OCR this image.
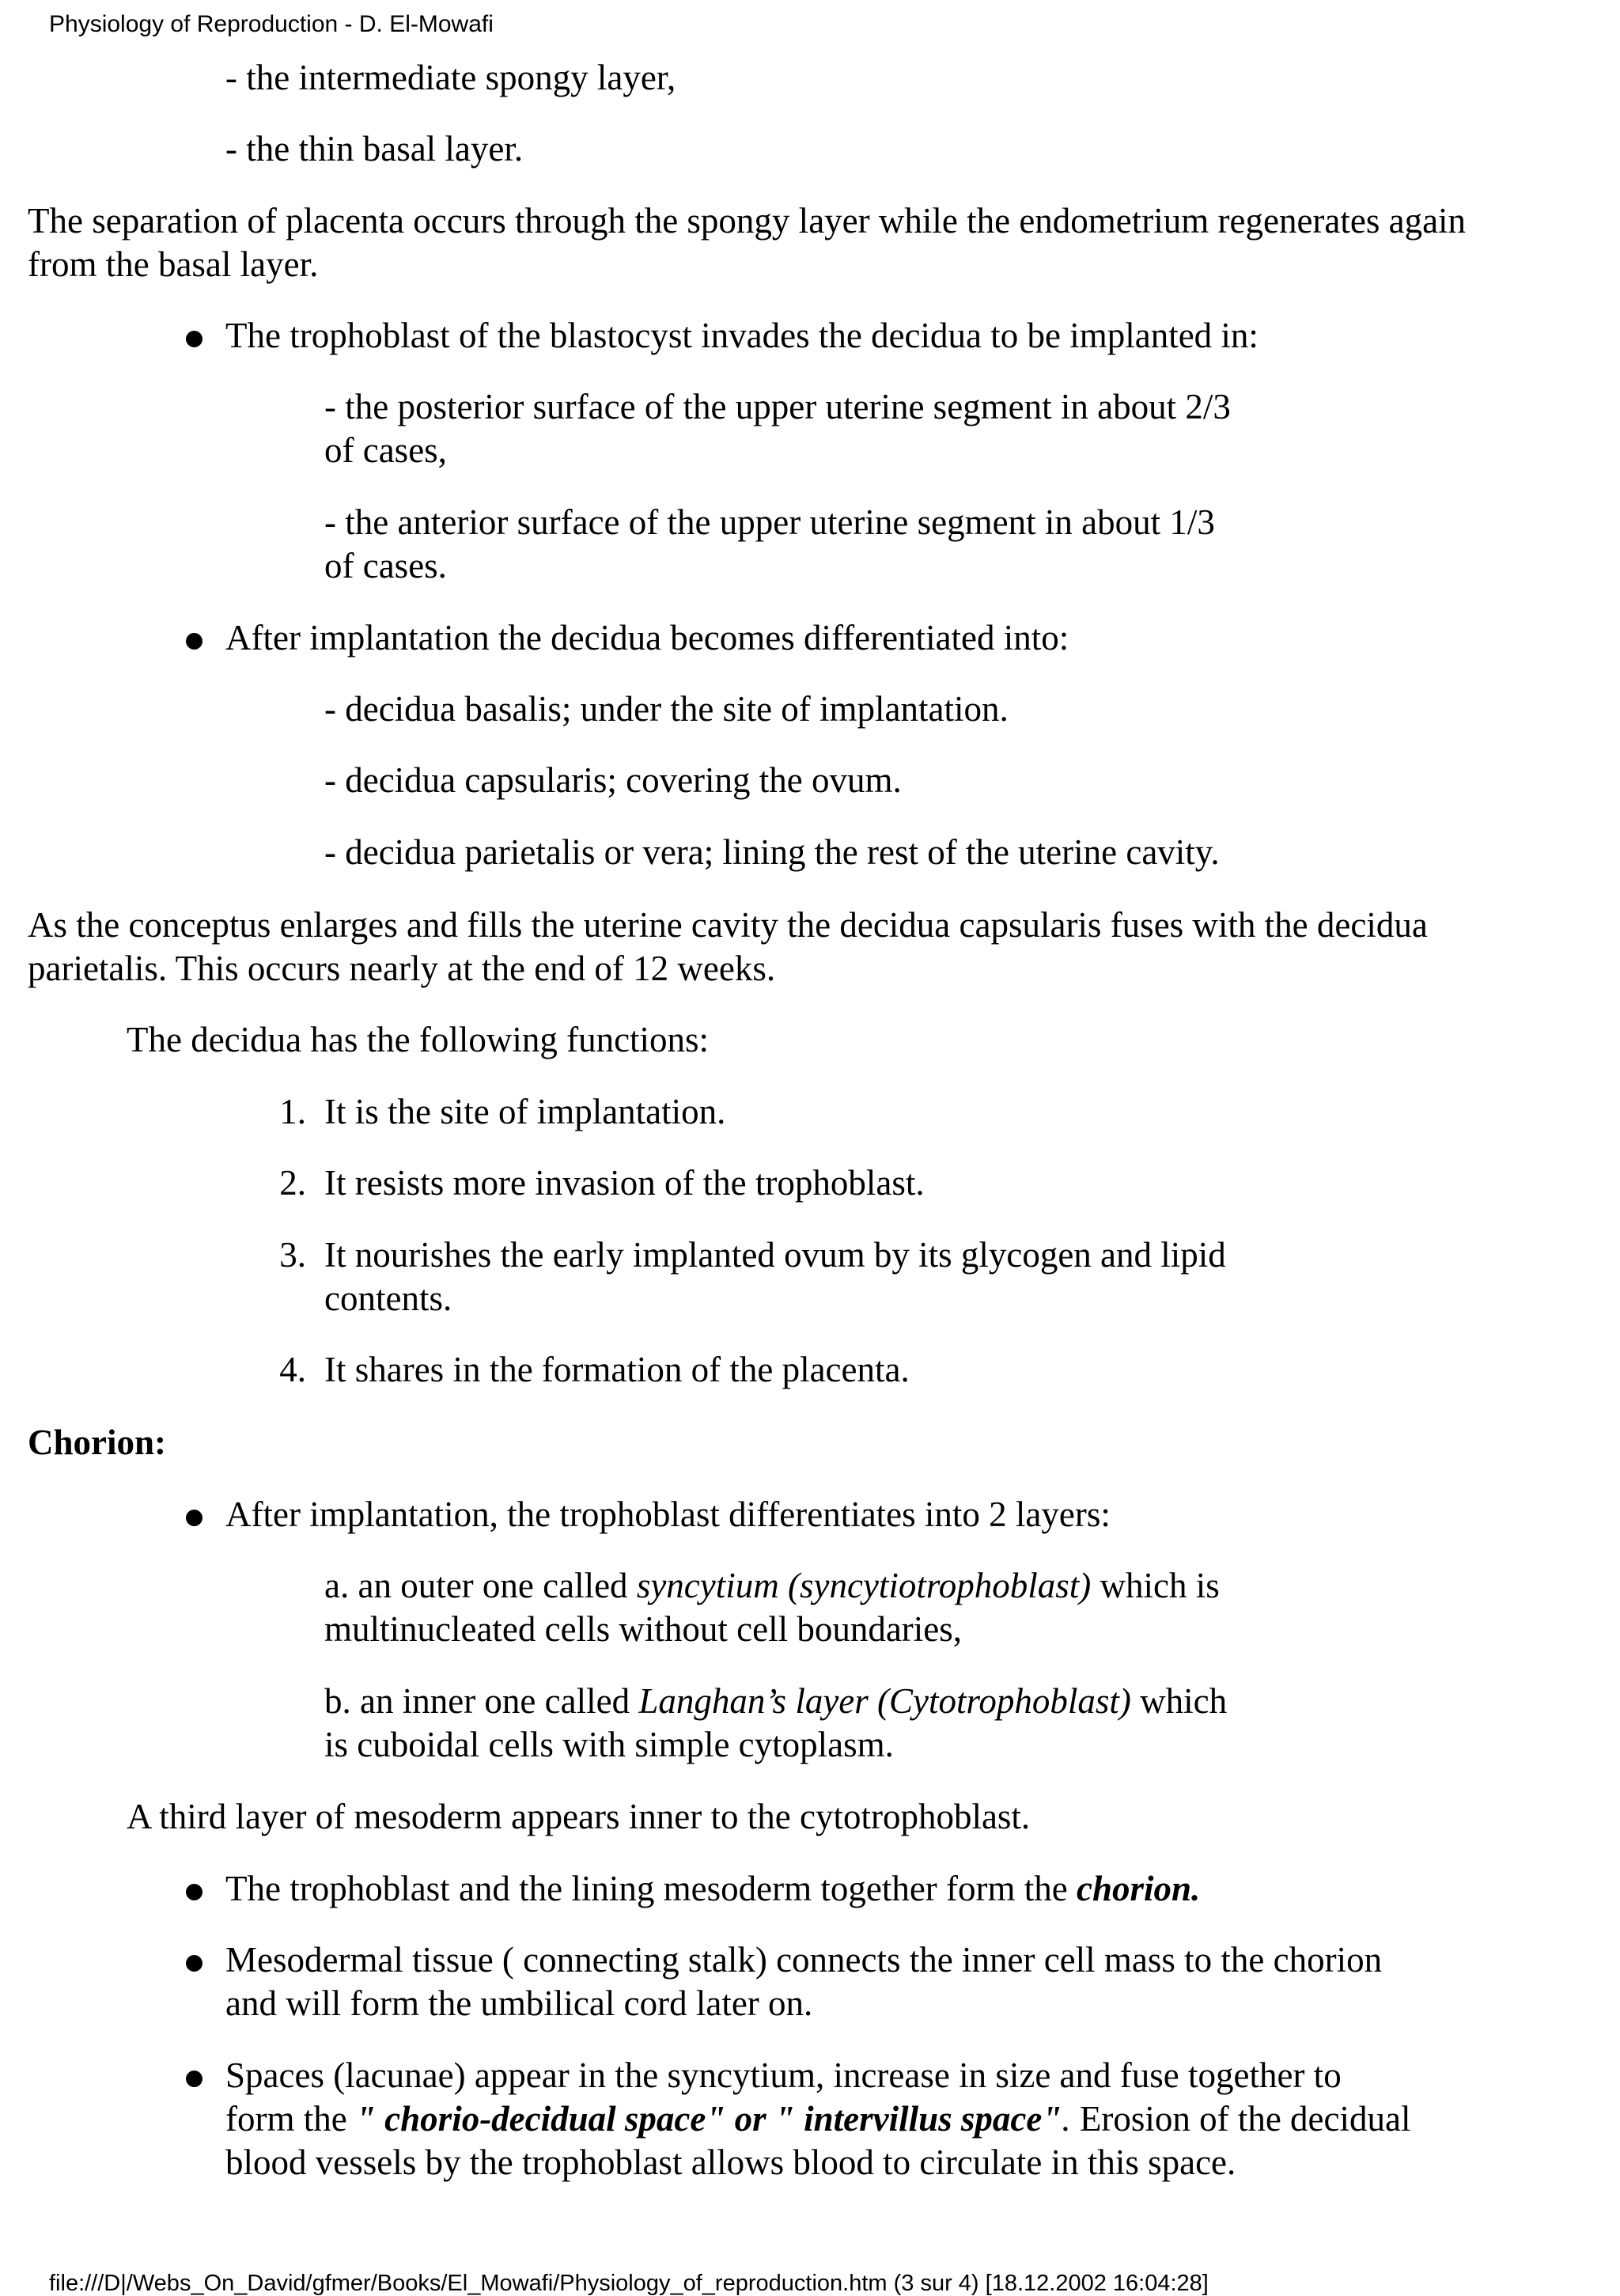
Physiology of Reproduction - D. El-Mowafi
- the intermediate spongy layer,
- the thin basal layer.
The separation of placenta occurs through the spongy layer while the endometrium regenerates again
from the basal layer.
The trophoblast of the blastocyst invades the decidua to be implanted in:
- the posterior surface of the upper uterine segment in about 2/3
of cases,
- the anterior surface of the upper uterine segment in about 1/3
of cases.
After implantation the decidua becomes differentiated into:
- decidua basalis; under the site of implantation.
- decidua capsularis; covering the ovum.
- decidua parietalis or vera; lining the rest of the uterine cavity.
As the conceptus enlarges and fills the uterine cavity the decidua capsularis fuses with the decidua
parietalis. This occurs nearly at the end of 12 weeks.
The decidua has the following functions:
1. It is the site of implantation.
2. It resists more invasion of the trophoblast.
3. It nourishes the early implanted ovum by its glycogen and lipid
contents.
4. It shares in the formation of the placenta.
Chorion:
After implantation, the trophoblast differentiates into 2 layers:
a. an outer one called syncytium (syncytiotrophoblast) which is
multinucleated cells without cell boundaries,
b. an inner one called Langhan’s layer (Cytotrophoblast) which
is cuboidal cells with simple cytoplasm.
A third layer of mesoderm appears inner to the cytotrophoblast.
The trophoblast and the lining mesoderm together form the chorion.
Mesodermal tissue ( connecting stalk) connects the inner cell mass to the chorion
and will form the umbilical cord later on.
Spaces (lacunae) appear in the syncytium, increase in size and fuse together to
form the " chorio-decidual space" or " intervillus space". Erosion of the decidual
blood vessels by the trophoblast allows blood to circulate in this space.
file:///D|/Webs_On_David/gfmer/Books/El_Mowafi/Physiology_of_reproduction.htm (3 sur 4) [18.12.2002 16:04:28]
